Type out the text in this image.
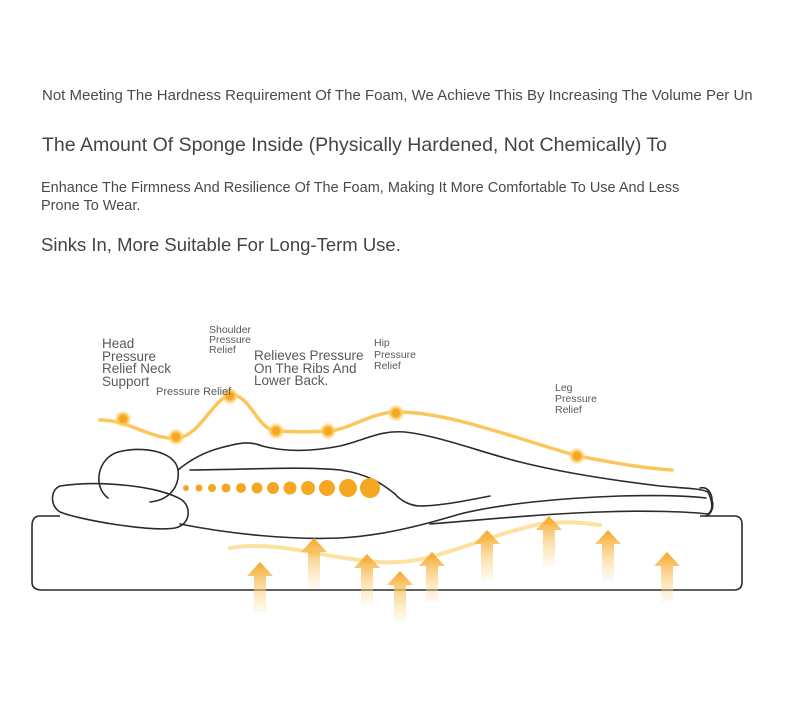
Not Meeting The Hardness Requirement Of The Foam, We Achieve This By Increasing The Volume Per Un
The Amount Of Sponge Inside (Physically Hardened, Not Chemically) To
Enhance The Firmness And Resilience Of The Foam, Making It More Comfortable To Use And Less Prone To Wear.
Sinks In, More Suitable For Long-Term Use.
Head Pressure Relief Neck Support
Pressure Relief
Shoulder Pressure Relief	Relieves Pressure On The Ribs And Lower Back.
Hip Pressure Relief
Leg Pressure Relief
